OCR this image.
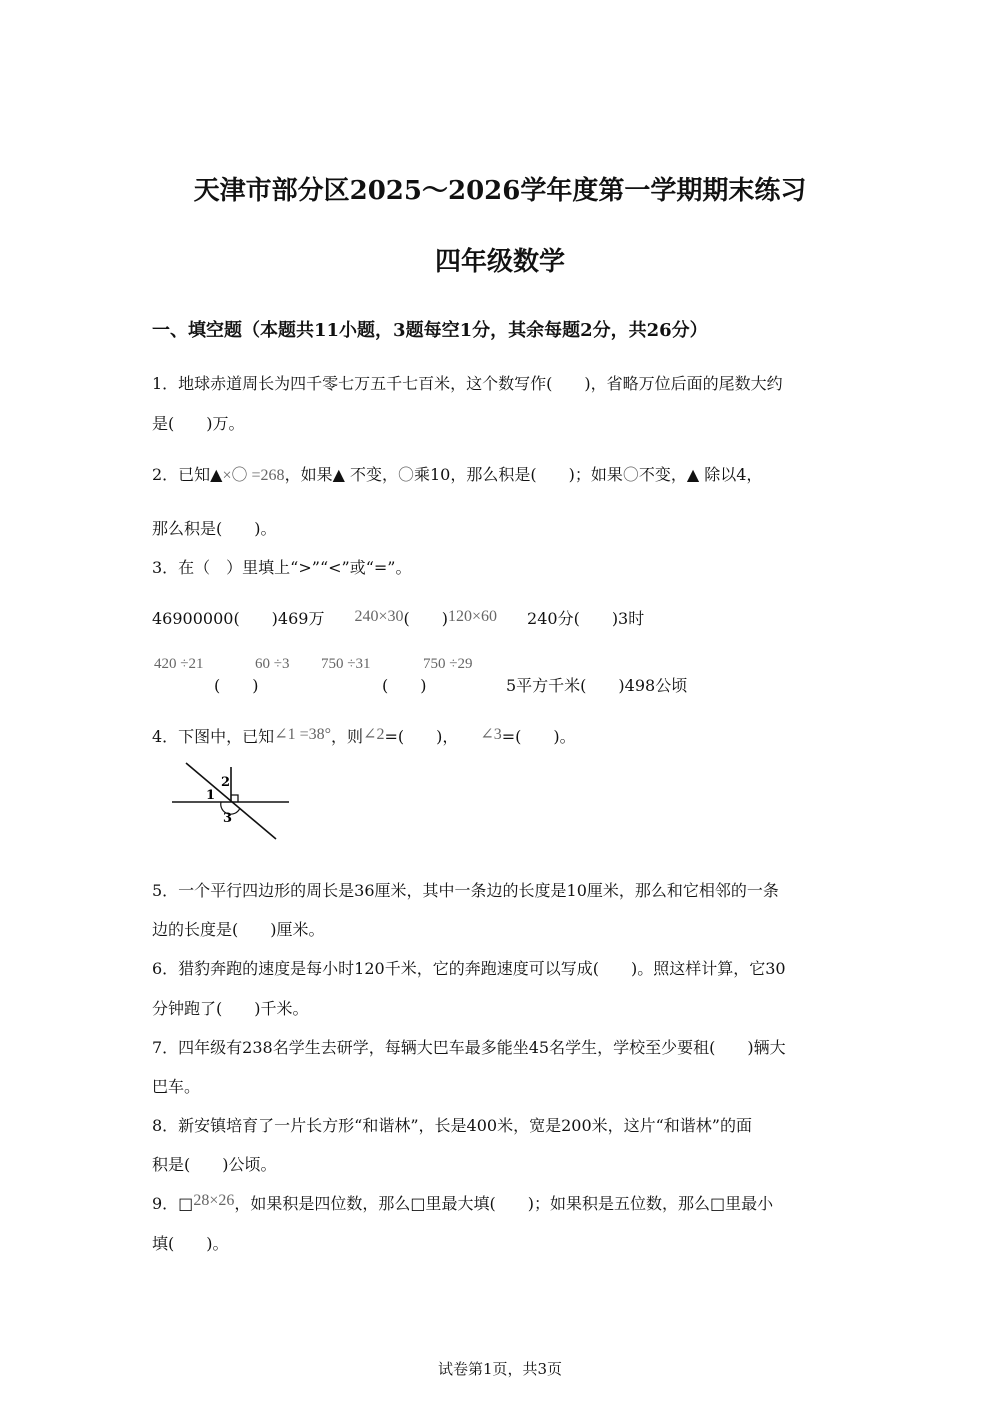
天津市部分区2025～2026学年度第一学期期末练习
四年级数学
一、填空题（本题共11小题，3题每空1分，其余每题2分，共26分）
1．地球赤道周长为四千零七万五千七百米，这个数写作(　　)，省略万位后面的尾数大约
是(　　)万。
2．已知▲×〇 =268，如果▲ 不变，〇乘10，那么积是(　　)；如果〇不变，▲ 除以4，
那么积是(　　)。
3．在（　）里填上“>”“<”或“=”。
46900000(　　)469万 240×30(　　)120×60 240分(　　)3时
420 ÷21	60 ÷3 750 ÷31	750 ÷29
(　　)	(　　)	5平方千米(　　)498公顷
4．下图中，已知∠1 =38°，则∠2=(　　)， ∠3=(　　)。
1
2
3
5．一个平行四边形的周长是36厘米，其中一条边的长度是10厘米，那么和它相邻的一条
边的长度是(　　)厘米。
6．猎豹奔跑的速度是每小时120千米，它的奔跑速度可以写成(　　)。照这样计算，它30
分钟跑了(　　)千米。
7．四年级有238名学生去研学，每辆大巴车最多能坐45名学生，学校至少要租(　　)辆大
巴车。
8．新安镇培育了一片长方形“和谐林”，长是400米，宽是200米，这片“和谐林”的面
积是(　　)公顷。
9．□28×26，如果积是四位数，那么□里最大填(　　)；如果积是五位数，那么□里最小
填(　　)。
试卷第1页，共3页
